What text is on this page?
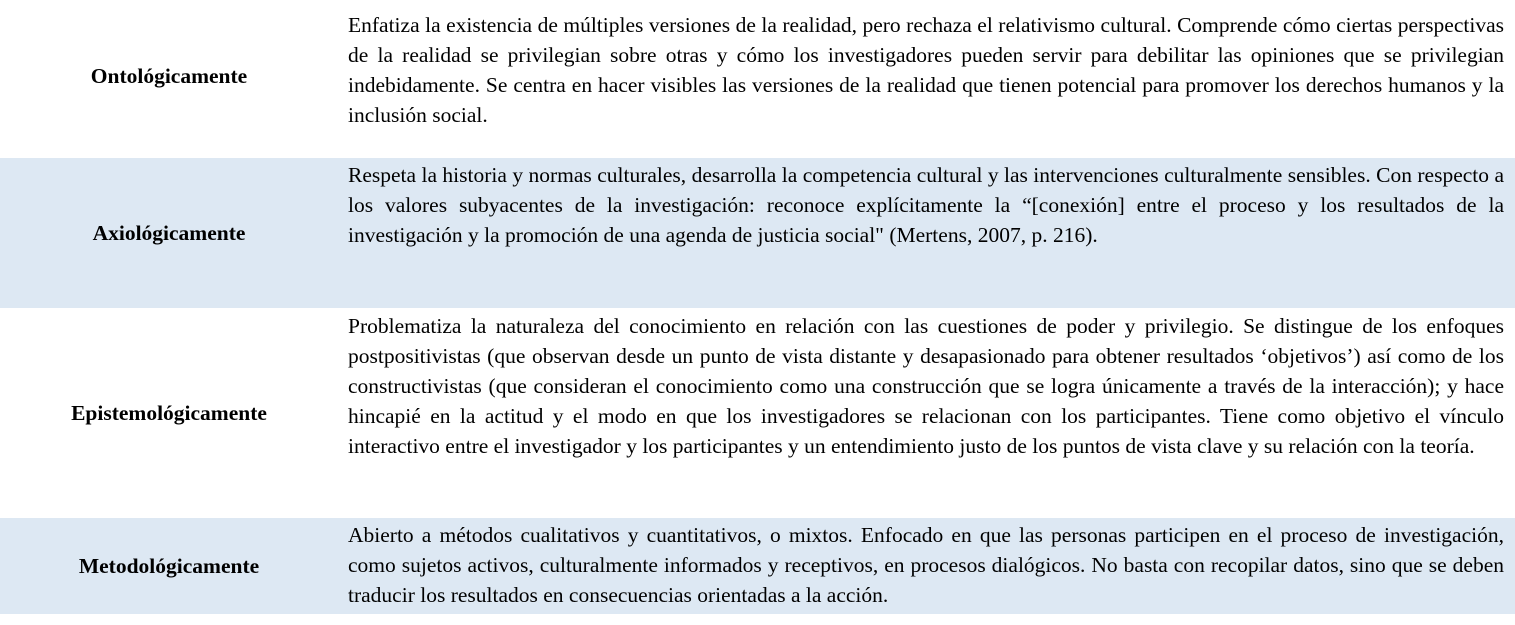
Ontológicamente
Enfatiza la existencia de múltiples versiones de la realidad, pero rechaza el relativismo cultural. Comprende cómo ciertas perspectivas de la realidad se privilegian sobre otras y cómo los investigadores pueden servir para debilitar las opiniones que se privilegian indebidamente. Se centra en hacer visibles las versiones de la realidad que tienen potencial para promover los derechos humanos y la inclusión social.
Axiológicamente
Respeta la historia y normas culturales, desarrolla la competencia cultural y las intervenciones culturalmente sensibles. Con respecto a los valores subyacentes de la investigación: reconoce explícitamente la “[conexión] entre el proceso y los resultados de la investigación y la promoción de una agenda de justicia social" (Mertens, 2007, p. 216).
Epistemológicamente
Problematiza la naturaleza del conocimiento en relación con las cuestiones de poder y privilegio. Se distingue de los enfoques postpositivistas (que observan desde un punto de vista distante y desapasionado para obtener resultados ‘objetivos’) así como de los constructivistas (que consideran el conocimiento como una construcción que se logra únicamente a través de la interacción); y hace hincapié en la actitud y el modo en que los investigadores se relacionan con los participantes. Tiene como objetivo el vínculo interactivo entre el investigador y los participantes y un entendimiento justo de los puntos de vista clave y su relación con la teoría.
Metodológicamente
Abierto a métodos cualitativos y cuantitativos, o mixtos. Enfocado en que las personas participen en el proceso de investigación, como sujetos activos, culturalmente informados y receptivos, en procesos dialógicos. No basta con recopilar datos, sino que se deben traducir los resultados en consecuencias orientadas a la acción.
